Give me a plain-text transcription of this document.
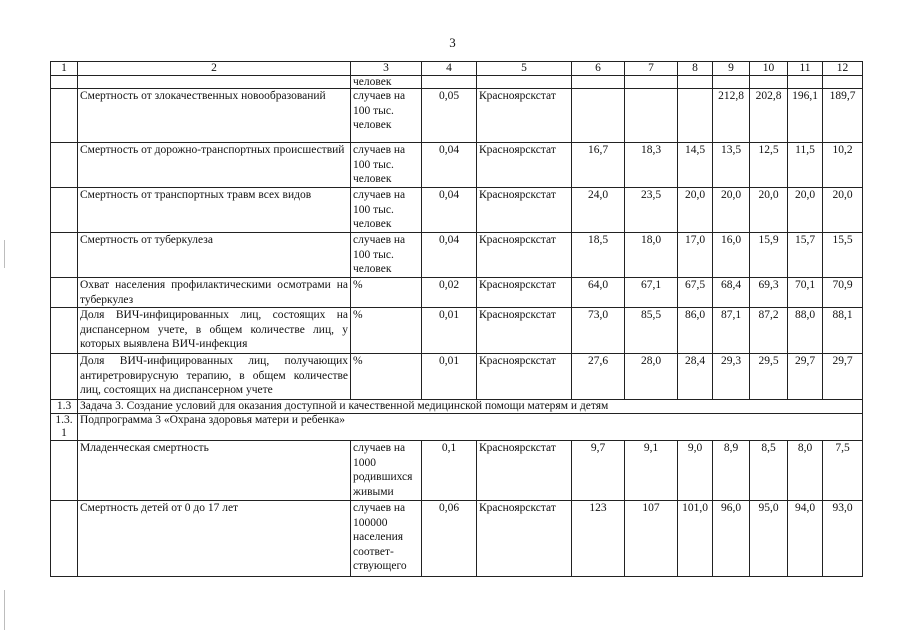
3
1	2	3	4	5	6	7	8	9	10	11	12
		человек									
	Смертность от злокачественных новообразований	случаев на 100 тыс. человек	0,05	Красноярскстат				212,8	202,8	196,1	189,7
	Смертность от дорожно-транспортных происшествий	случаев на 100 тыс. человек	0,04	Красноярскстат	16,7	18,3	14,5	13,5	12,5	11,5	10,2
	Смертность от транспортных травм всех видов	случаев на 100 тыс. человек	0,04	Красноярскстат	24,0	23,5	20,0	20,0	20,0	20,0	20,0
	Смертность от туберкулеза	случаев на 100 тыс. человек	0,04	Красноярскстат	18,5	18,0	17,0	16,0	15,9	15,7	15,5
	Охват населения профилактическими осмотрами на туберкулез	%	0,02	Красноярскстат	64,0	67,1	67,5	68,4	69,3	70,1	70,9
	Доля ВИЧ-инфицированных лиц, состоящих на диспансерном учете, в общем количестве лиц, у которых выявлена ВИЧ-инфекция	%	0,01	Красноярскстат	73,0	85,5	86,0	87,1	87,2	88,0	88,1
	Доля ВИЧ-инфицированных лиц, получающих антиретровирусную терапию, в общем количестве лиц, состоящих на диспансерном учете	%	0,01	Красноярскстат	27,6	28,0	28,4	29,3	29,5	29,7	29,7
1.3	Задача 3. Создание условий для оказания доступной и качественной медицинской помощи матерям и детям										
1.3.1	Подпрограмма 3 «Охрана здоровья матери и ребенка»										
	Младенческая смертность	случаев на 1000 родившихся живыми	0,1	Красноярскстат	9,7	9,1	9,0	8,9	8,5	8,0	7,5
	Смертность детей от 0 до 17 лет	случаев на 100000 населения соответ-ствующего	0,06	Красноярскстат	123	107	101,0	96,0	95,0	94,0	93,0
